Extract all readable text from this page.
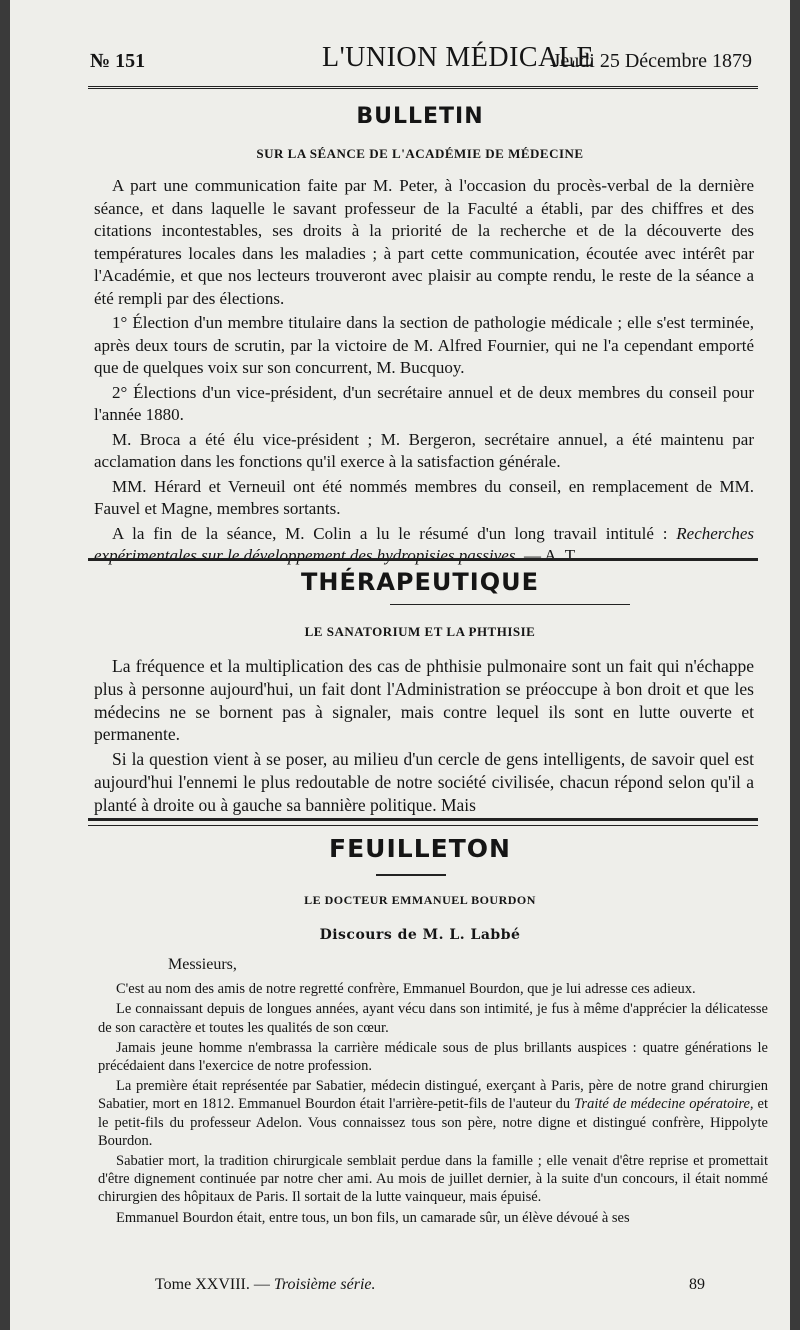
№ 151	L'UNION MÉDICALE
Jeudi 25 Décembre 1879
BULLETIN
SUR LA SÉANCE DE L'ACADÉMIE DE MÉDECINE

A part une communication faite par M. Peter, à l'occasion du procès-verbal de la dernière séance, et dans laquelle le savant professeur de la Faculté a établi, par des chiffres et des citations incontestables, ses droits à la priorité de la recherche et de la découverte des températures locales dans les maladies ; à part cette communication, écoutée avec intérêt par l'Académie, et que nos lecteurs trouveront avec plaisir au compte rendu, le reste de la séance a été rempli par des élections.

1° Élection d'un membre titulaire dans la section de pathologie médicale ; elle s'est terminée, après deux tours de scrutin, par la victoire de M. Alfred Fournier, qui ne l'a cependant emporté que de quelques voix sur son concurrent, M. Bucquoy.

2° Élections d'un vice-président, d'un secrétaire annuel et de deux membres du conseil pour l'année 1880.

M. Broca a été élu vice-président ; M. Bergeron, secrétaire annuel, a été maintenu par acclamation dans les fonctions qu'il exerce à la satisfaction générale.

MM. Hérard et Verneuil ont été nommés membres du conseil, en remplacement de MM. Fauvel et Magne, membres sortants.

A la fin de la séance, M. Colin a lu le résumé d'un long travail intitulé : Recherches expérimentales sur le développement des hydropisies passives. — A. T.

THÉRAPEUTIQUE
LE SANATORIUM ET LA PHTHISIE

La fréquence et la multiplication des cas de phthisie pulmonaire sont un fait qui n'échappe plus à personne aujourd'hui, un fait dont l'Administration se préoccupe à bon droit et que les médecins ne se bornent pas à signaler, mais contre lequel ils sont en lutte ouverte et permanente.

Si la question vient à se poser, au milieu d'un cercle de gens intelligents, de savoir quel est aujourd'hui l'ennemi le plus redoutable de notre société civilisée, chacun répond selon qu'il a planté à droite ou à gauche sa bannière politique. Mais

FEUILLETON
LE DOCTEUR EMMANUEL BOURDON
Discours de M. L. Labbé

Messieurs,

C'est au nom des amis de notre regretté confrère, Emmanuel Bourdon, que je lui adresse ces adieux.

Le connaissant depuis de longues années, ayant vécu dans son intimité, je fus à même d'apprécier la délicatesse de son caractère et toutes les qualités de son cœur.

Jamais jeune homme n'embrassa la carrière médicale sous de plus brillants auspices : quatre générations le précédaient dans l'exercice de notre profession.

La première était représentée par Sabatier, médecin distingué, exerçant à Paris, père de notre grand chirurgien Sabatier, mort en 1812. Emmanuel Bourdon était l'arrière-petit-fils de l'auteur du Traité de médecine opératoire, et le petit-fils du professeur Adelon. Vous connaissez tous son père, notre digne et distingué confrère, Hippolyte Bourdon.

Sabatier mort, la tradition chirurgicale semblait perdue dans la famille ; elle venait d'être reprise et promettait d'être dignement continuée par notre cher ami. Au mois de juillet dernier, à la suite d'un concours, il était nommé chirurgien des hôpitaux de Paris. Il sortait de la lutte vainqueur, mais épuisé.

Emmanuel Bourdon était, entre tous, un bon fils, un camarade sûr, un élève dévoué à ses

Tome XXVIII. — Troisième série.	89
